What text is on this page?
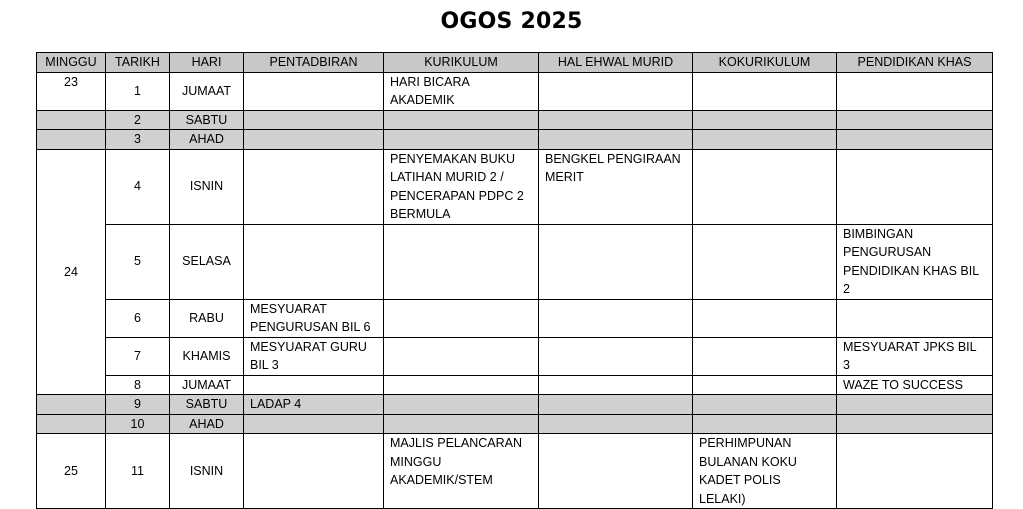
OGOS 2025
MINGGU	TARIKH	HARI	PENTADBIRAN	KURIKULUM	HAL EHWAL MURID	KOKURIKULUM	PENDIDIKAN KHAS
23	1	JUMAAT		HARI BICARA AKADEMIK			
	2	SABTU					
	3	AHAD					
24	4	ISNIN		PENYEMAKAN BUKU LATIHAN MURID 2 / PENCERAPAN PDPC 2 BERMULA	BENGKEL PENGIRAAN MERIT		
	5	SELASA					BIMBINGAN PENGURUSAN PENDIDIKAN KHAS BIL 2
	6	RABU	MESYUARAT PENGURUSAN BIL 6				
	7	KHAMIS	MESYUARAT GURU BIL 3				MESYUARAT JPKS BIL 3
	8	JUMAAT					WAZE TO SUCCESS
	9	SABTU	LADAP 4				
	10	AHAD					
25	11	ISNIN		MAJLIS PELANCARAN MINGGU AKADEMIK/STEM		PERHIMPUNAN BULANAN KOKU KADET POLIS LELAKI)	
